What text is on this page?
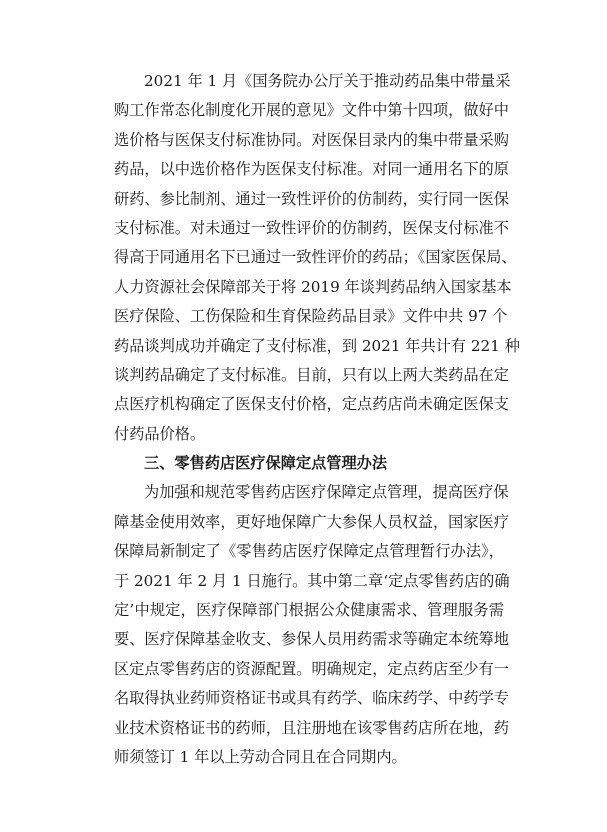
2021 年 1 月《国务院办公厅关于推动药品集中带量采
购工作常态化制度化开展的意见》文件中第十四项，做好中
选价格与医保支付标准协同。对医保目录内的集中带量采购
药品，以中选价格作为医保支付标准。对同一通用名下的原
研药、参比制剂、通过一致性评价的仿制药，实行同一医保
支付标准。对未通过一致性评价的仿制药，医保支付标准不
得高于同通用名下已通过一致性评价的药品；《国家医保局、
人力资源社会保障部关于将 2019 年谈判药品纳入国家基本
医疗保险、工伤保险和生育保险药品目录》文件中共 97 个
药品谈判成功并确定了支付标准，到 2021 年共计有 221 种
谈判药品确定了支付标准。目前，只有以上两大类药品在定
点医疗机构确定了医保支付价格，定点药店尚未确定医保支
付药品价格。
三、零售药店医疗保障定点管理办法
为加强和规范零售药店医疗保障定点管理，提高医疗保
障基金使用效率，更好地保障广大参保人员权益，国家医疗
保障局新制定了《零售药店医疗保障定点管理暂行办法》，
于 2021 年 2 月 1 日施行。其中第二章‘定点零售药店的确
定’中规定，医疗保障部门根据公众健康需求、管理服务需
要、医疗保障基金收支、参保人员用药需求等确定本统筹地
区定点零售药店的资源配置。明确规定，定点药店至少有一
名取得执业药师资格证书或具有药学、临床药学、中药学专
业技术资格证书的药师，且注册地在该零售药店所在地，药
师须签订 1 年以上劳动合同且在合同期内。
